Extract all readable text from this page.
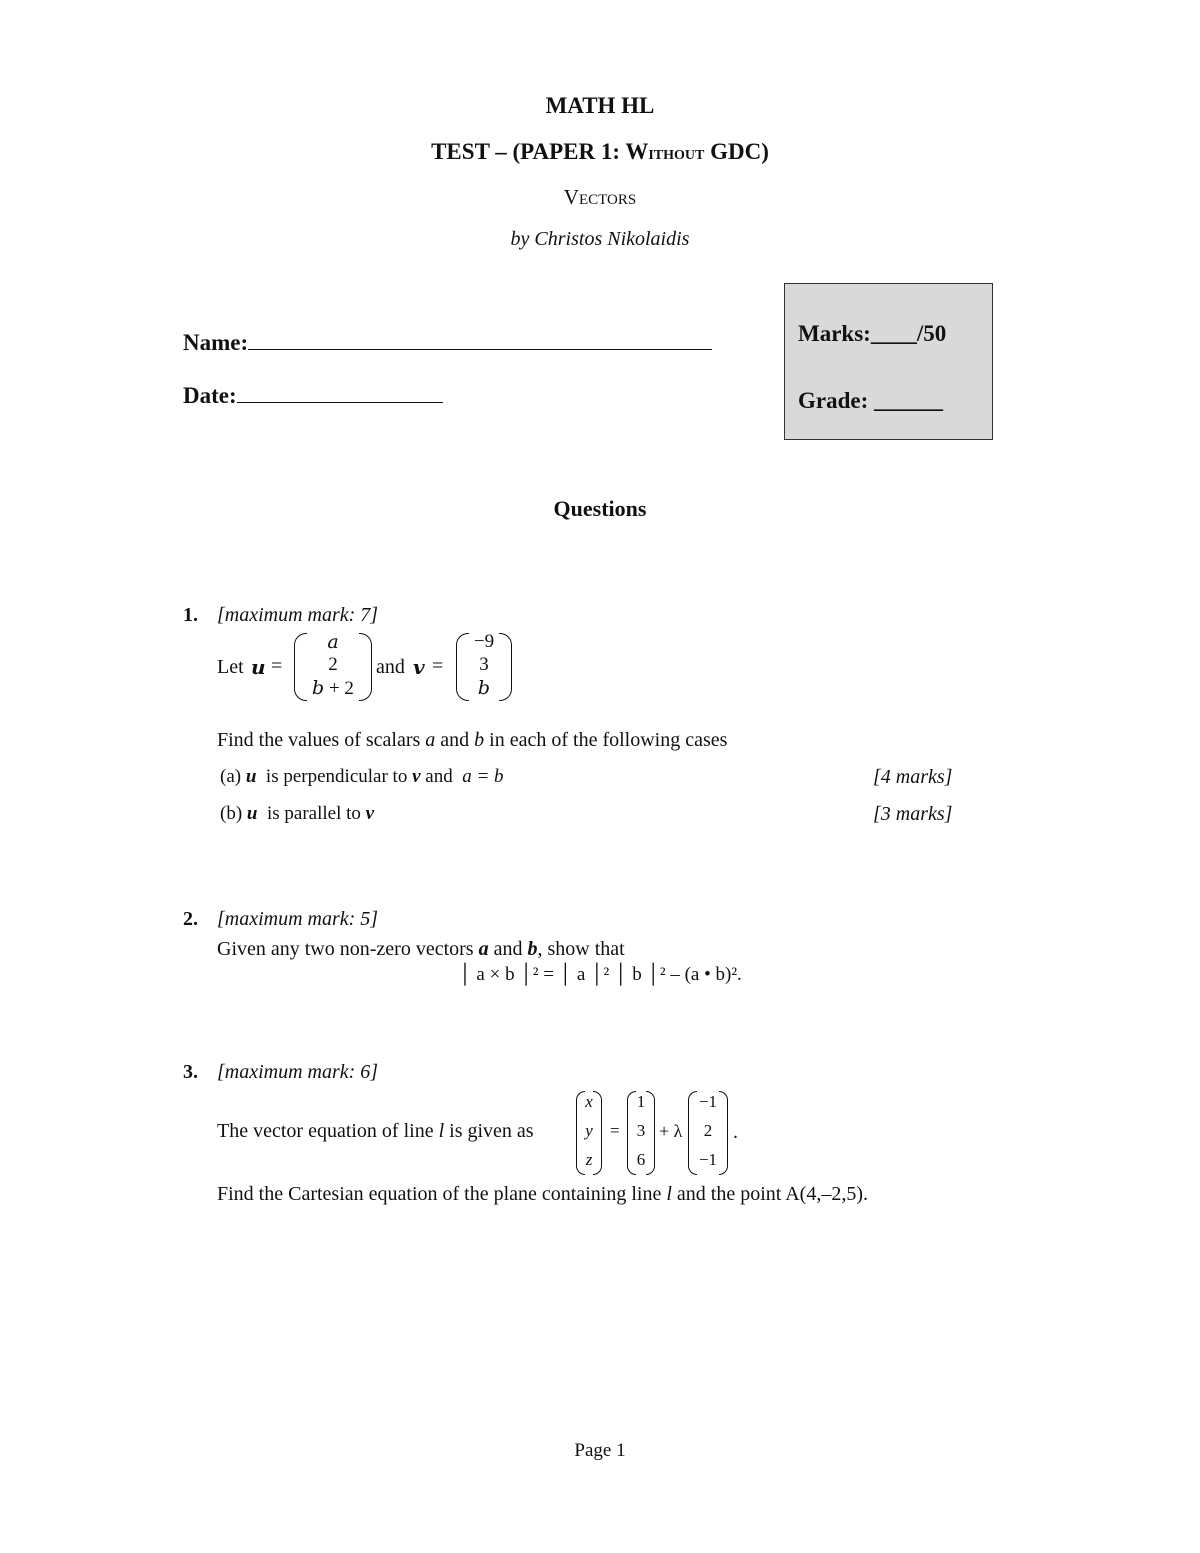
MATH HL
TEST – (PAPER 1: Without GDC)
Vectors
by Christos Nikolaidis
Name:
Date:
Marks:____/50
Grade: ______
Questions
1. [maximum mark: 7]
Let 𝒖 =
𝑎
2
𝑏 + 2
and 𝒗 =
−9
3
𝑏
Find the values of scalars a and b in each of the following cases
(a) u is perpendicular to v and a = b	[4 marks]
(b) u is parallel to v	[3 marks]
2. [maximum mark: 5]
Given any two non-zero vectors a and b, show that
│ a × b │² = │ a │² │ b │² – (a • b)².
3. [maximum mark: 6]
The vector equation of line l is given as
x
y
z
=
1
3
6
+ λ
−1
2
−1
.
Find the Cartesian equation of the plane containing line l and the point A(4,–2,5).
Page 1
